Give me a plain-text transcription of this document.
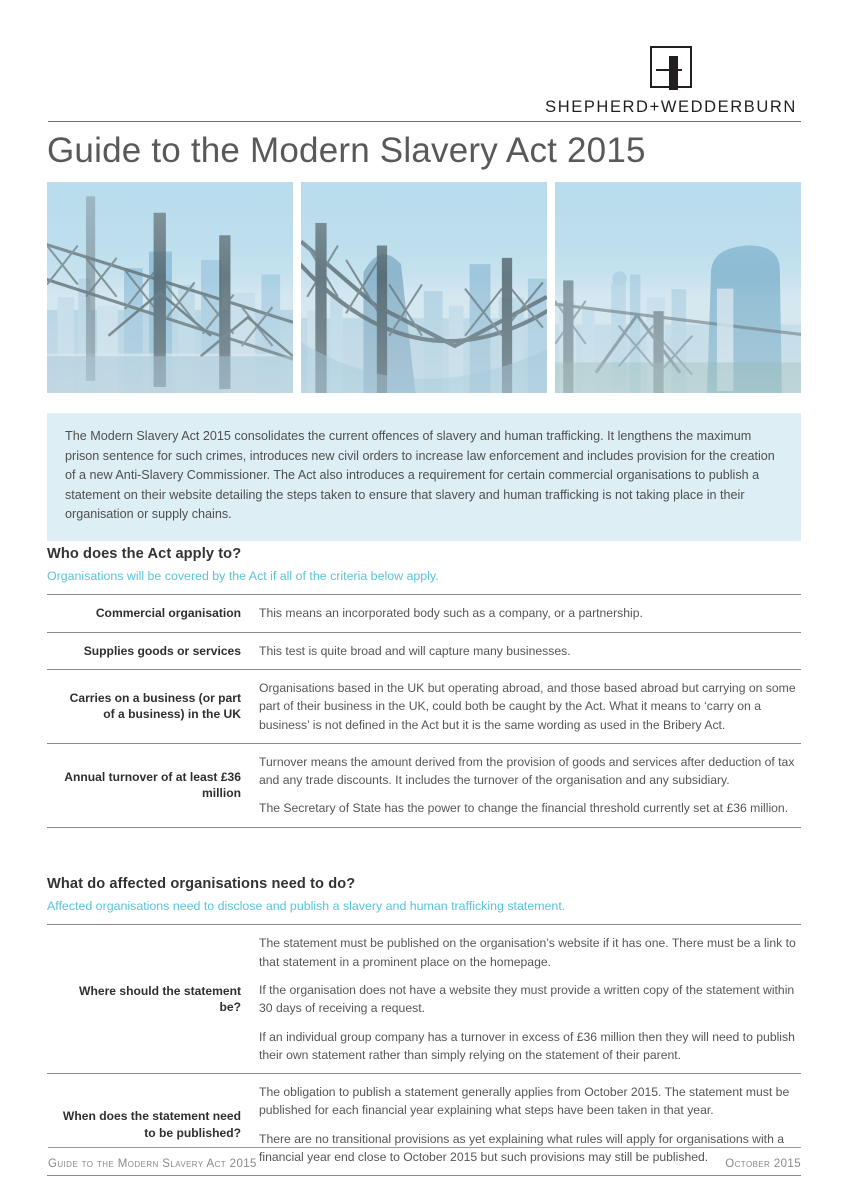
SHEPHERD+WEDDERBURN
Guide to the Modern Slavery Act 2015
The Modern Slavery Act 2015 consolidates the current offences of slavery and human trafficking. It lengthens the maximum prison sentence for such crimes, introduces new civil orders to increase law enforcement and includes provision for the creation of a new Anti-Slavery Commissioner. The Act also introduces a requirement for certain commercial organisations to publish a statement on their website detailing the steps taken to ensure that slavery and human trafficking is not taking place in their organisation or supply chains.
Who does the Act apply to?
Organisations will be covered by the Act if all of the criteria below apply.
Commercial organisation	This means an incorporated body such as a company, or a partnership.

Supplies goods or services	This test is quite broad and will capture many businesses.

Carries on a business (or part of a business) in the UK	Organisations based in the UK but operating abroad, and those based abroad but carrying on some part of their business in the UK, could both be caught by the Act. What it means to ‘carry on a business’ is not defined in the Act but it is the same wording as used in the Bribery Act.

Annual turnover of at least £36 million	Turnover means the amount derived from the provision of goods and services after deduction of tax and any trade discounts. It includes the turnover of the organisation and any subsidiary.

The Secretary of State has the power to change the financial threshold currently set at £36 million.

What do affected organisations need to do?
Affected organisations need to disclose and publish a slavery and human trafficking statement.
Where should the statement be?	The statement must be published on the organisation’s website if it has one. There must be a link to that statement in a prominent place on the homepage.

If the organisation does not have a website they must provide a written copy of the statement within 30 days of receiving a request.

If an individual group company has a turnover in excess of £36 million then they will need to publish their own statement rather than simply relying on the statement of their parent.

When does the statement need to be published?	The obligation to publish a statement generally applies from October 2015. The statement must be published for each financial year explaining what steps have been taken in that year.

There are no transitional provisions as yet explaining what rules will apply for organisations with a financial year end close to October 2015 but such provisions may still be published.

Guide to the Modern Slavery Act 2015	October 2015
